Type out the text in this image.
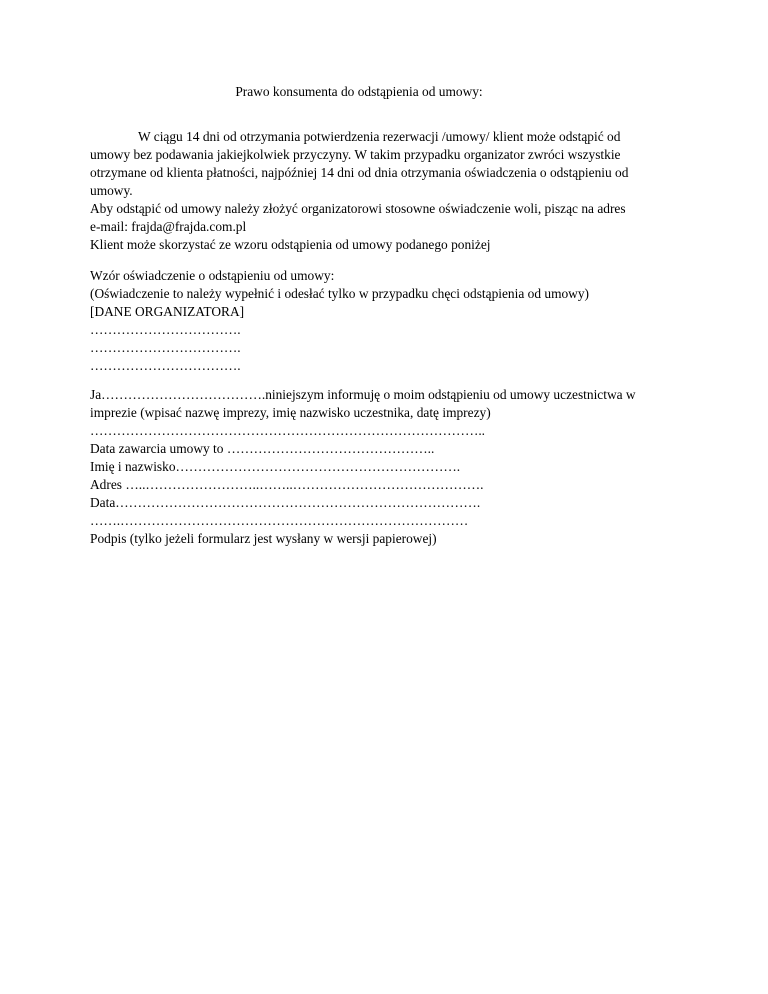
Prawo konsumenta do odstąpienia od umowy:
W ciągu 14 dni od otrzymania potwierdzenia rezerwacji /umowy/ klient może odstąpić od
umowy bez podawania jakiejkolwiek przyczyny. W takim przypadku organizator zwróci wszystkie
otrzymane od klienta płatności, najpóźniej 14 dni od dnia otrzymania oświadczenia o odstąpieniu od
umowy.
Aby odstąpić od umowy należy złożyć organizatorowi stosowne oświadczenie woli, pisząc na adres
e-mail: frajda@frajda.com.pl
Klient może skorzystać ze wzoru odstąpienia od umowy podanego poniżej
Wzór oświadczenie o odstąpieniu od umowy:
(Oświadczenie to należy wypełnić i odesłać tylko w przypadku chęci odstąpienia od umowy)
[DANE ORGANIZATORA]
…………………………….
…………………………….
…………………………….
Ja……………………………….niniejszym informuję o moim odstąpieniu od umowy uczestnictwa w
imprezie (wpisać nazwę imprezy, imię nazwisko uczestnika, datę imprezy)
……………………………………………………………………………..
Data zawarcia umowy to ………………………………………..
Imię i nazwisko……………………………………………………….
Adres …..……………………..……..…………………………………….
Data……………………………………………………………………….
…….……………………………………………………………………
Podpis (tylko jeżeli formularz jest wysłany w wersji papierowej)
